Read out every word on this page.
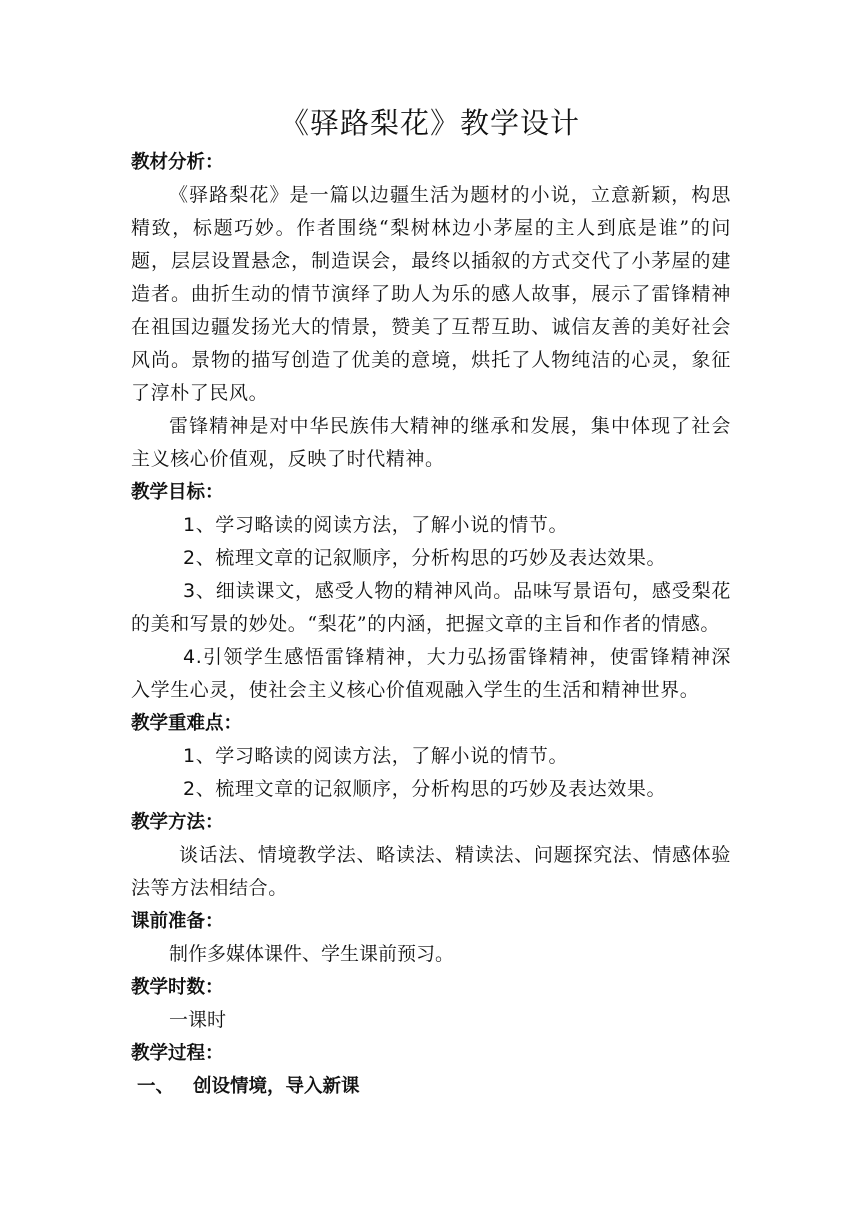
《驿路梨花》教学设计

教材分析：

《驿路梨花》是一篇以边疆生活为题材的小说，立意新颖，构思精致，标题巧妙。作者围绕“梨树林边小茅屋的主人到底是谁”的问题，层层设置悬念，制造误会，最终以插叙的方式交代了小茅屋的建造者。曲折生动的情节演绎了助人为乐的感人故事，展示了雷锋精神在祖国边疆发扬光大的情景，赞美了互帮互助、诚信友善的美好社会风尚。景物的描写创造了优美的意境，烘托了人物纯洁的心灵，象征了淳朴了民风。

雷锋精神是对中华民族伟大精神的继承和发展，集中体现了社会主义核心价值观，反映了时代精神。

教学目标：

1、学习略读的阅读方法，了解小说的情节。

2、梳理文章的记叙顺序，分析构思的巧妙及表达效果。

3、细读课文，感受人物的精神风尚。品味写景语句，感受梨花的美和写景的妙处。“梨花”的内涵，把握文章的主旨和作者的情感。

4.引领学生感悟雷锋精神，大力弘扬雷锋精神，使雷锋精神深入学生心灵，使社会主义核心价值观融入学生的生活和精神世界。

教学重难点：

1、学习略读的阅读方法，了解小说的情节。

2、梳理文章的记叙顺序，分析构思的巧妙及表达效果。

教学方法：

谈话法、情境教学法、略读法、精读法、问题探究法、情感体验法等方法相结合。

课前准备：

制作多媒体课件、学生课前预习。

教学时数：

一课时

教学过程：

一、 创设情境，导入新课
